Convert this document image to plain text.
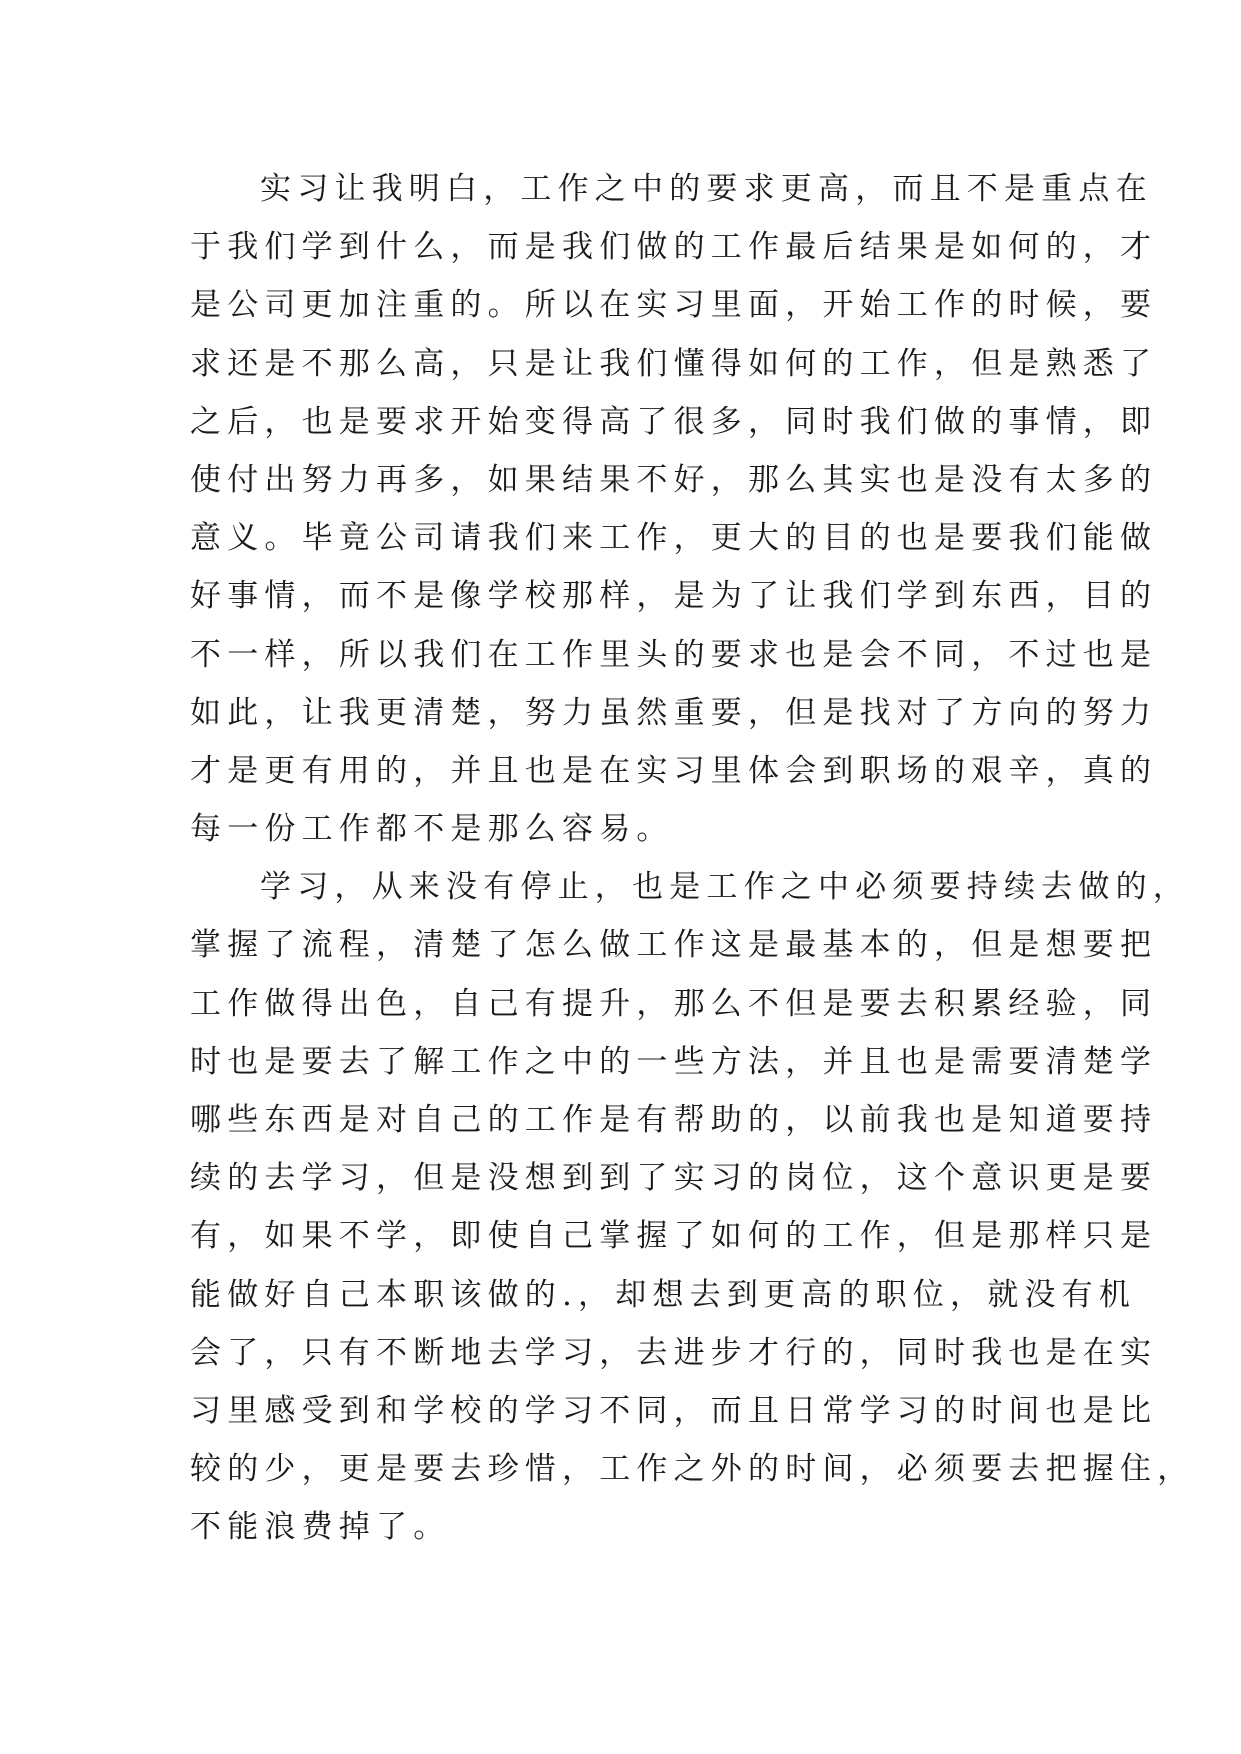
实习让我明白，工作之中的要求更高，而且不是重点在
于我们学到什么，而是我们做的工作最后结果是如何的，才
是公司更加注重的。所以在实习里面，开始工作的时候，要
求还是不那么高，只是让我们懂得如何的工作，但是熟悉了
之后，也是要求开始变得高了很多，同时我们做的事情，即
使付出努力再多，如果结果不好，那么其实也是没有太多的
意义。毕竟公司请我们来工作，更大的目的也是要我们能做
好事情，而不是像学校那样，是为了让我们学到东西，目的
不一样，所以我们在工作里头的要求也是会不同，不过也是
如此，让我更清楚，努力虽然重要，但是找对了方向的努力
才是更有用的，并且也是在实习里体会到职场的艰辛，真的
每一份工作都不是那么容易。
学习，从来没有停止，也是工作之中必须要持续去做的，
掌握了流程，清楚了怎么做工作这是最基本的，但是想要把
工作做得出色，自己有提升，那么不但是要去积累经验，同
时也是要去了解工作之中的一些方法，并且也是需要清楚学
哪些东西是对自己的工作是有帮助的，以前我也是知道要持
续的去学习，但是没想到到了实习的岗位，这个意识更是要
有，如果不学，即使自己掌握了如何的工作，但是那样只是
能做好自己本职该做的.，却想去到更高的职位，就没有机
会了，只有不断地去学习，去进步才行的，同时我也是在实
习里感受到和学校的学习不同，而且日常学习的时间也是比
较的少，更是要去珍惜，工作之外的时间，必须要去把握住，
不能浪费掉了。
